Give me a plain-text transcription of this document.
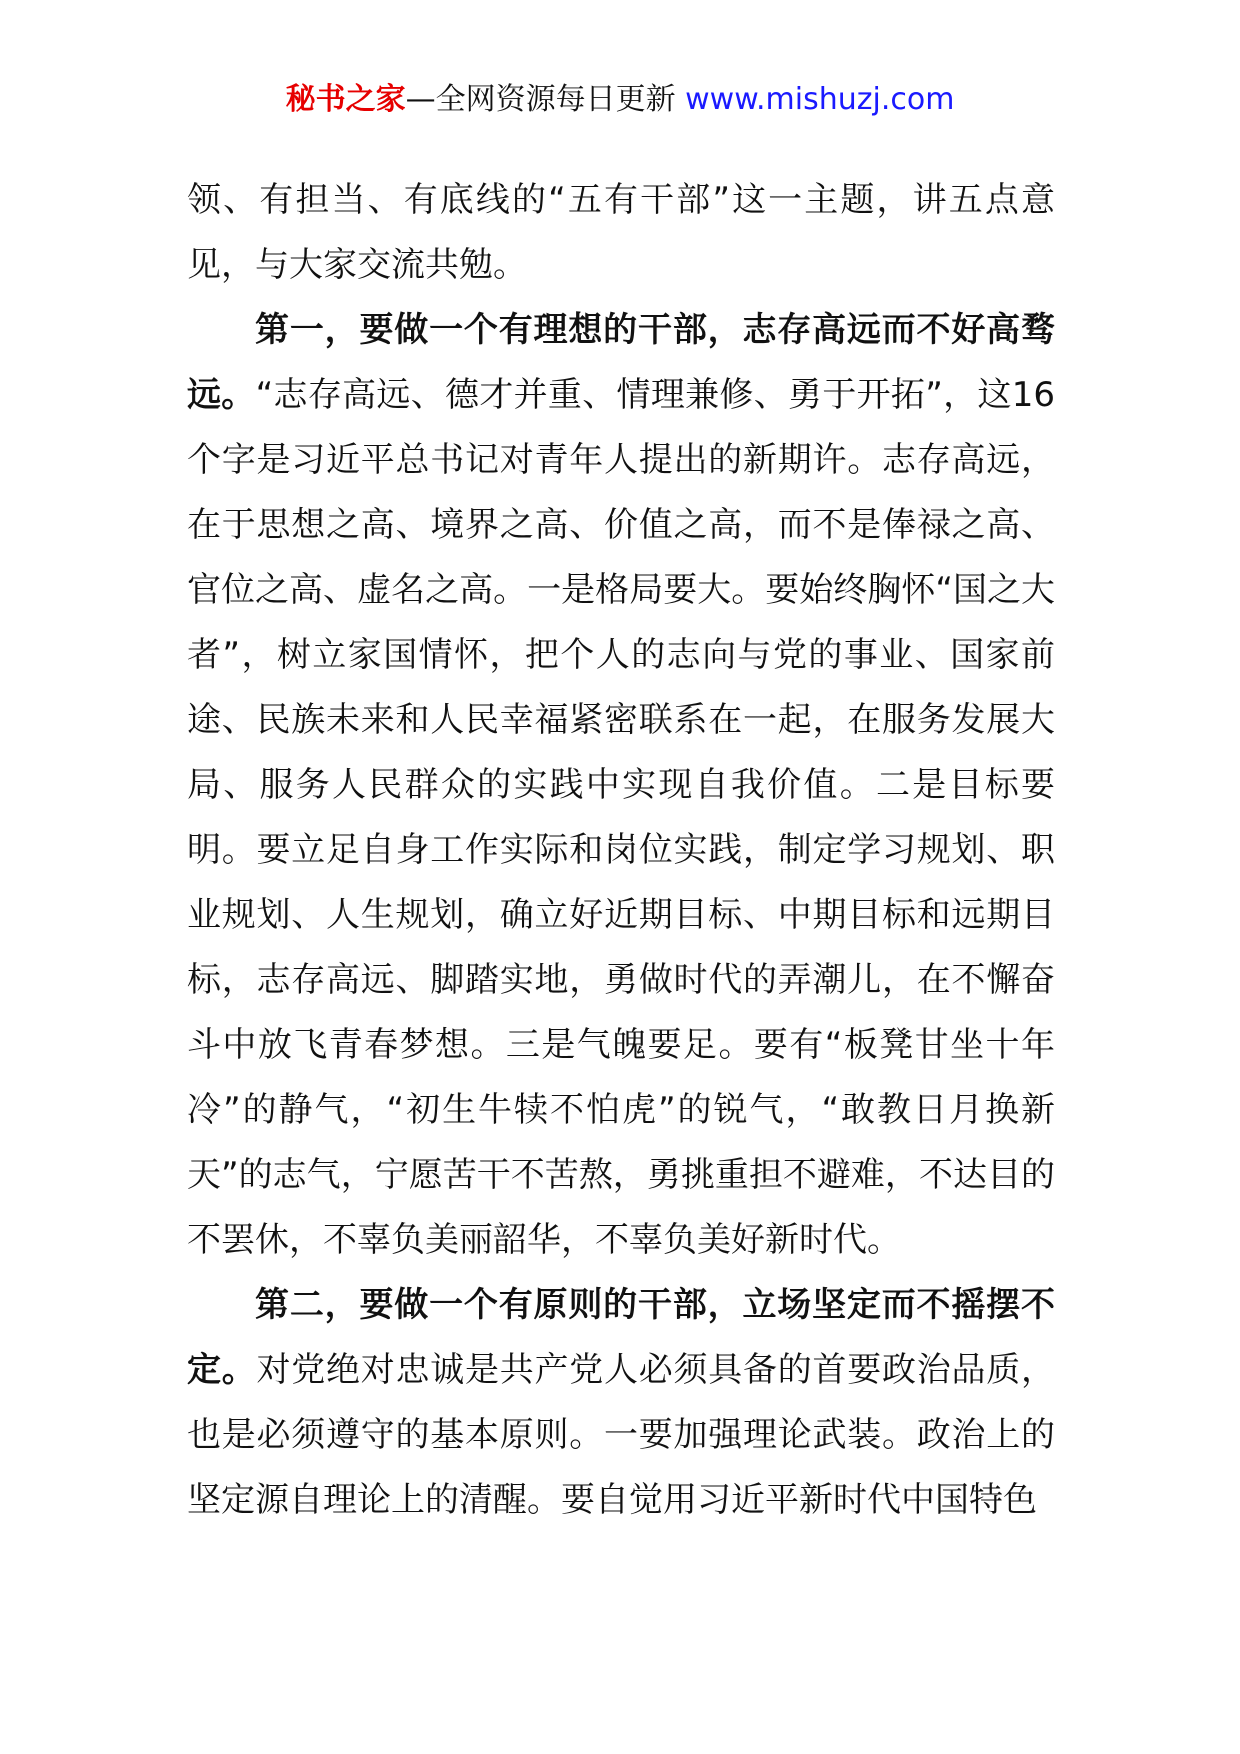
秘书之家—全网资源每日更新 www.mishuzj.com

领、有担当、有底线的“五有干部”这一主题，讲五点意见，与大家交流共勉。

第一，要做一个有理想的干部，志存高远而不好高骛远。“志存高远、德才并重、情理兼修、勇于开拓”，这16个字是习近平总书记对青年人提出的新期许。志存高远，在于思想之高、境界之高、价值之高，而不是俸禄之高、官位之高、虚名之高。一是格局要大。要始终胸怀“国之大者”，树立家国情怀，把个人的志向与党的事业、国家前途、民族未来和人民幸福紧密联系在一起，在服务发展大局、服务人民群众的实践中实现自我价值。二是目标要明。要立足自身工作实际和岗位实践，制定学习规划、职业规划、人生规划，确立好近期目标、中期目标和远期目标，志存高远、脚踏实地，勇做时代的弄潮儿，在不懈奋斗中放飞青春梦想。三是气魄要足。要有“板凳甘坐十年冷”的静气，“初生牛犊不怕虎”的锐气，“敢教日月换新天”的志气，宁愿苦干不苦熬，勇挑重担不避难，不达目的不罢休，不辜负美丽韶华，不辜负美好新时代。

第二，要做一个有原则的干部，立场坚定而不摇摆不定。对党绝对忠诚是共产党人必须具备的首要政治品质，也是必须遵守的基本原则。一要加强理论武装。政治上的坚定源自理论上的清醒。要自觉用习近平新时代中国特色
